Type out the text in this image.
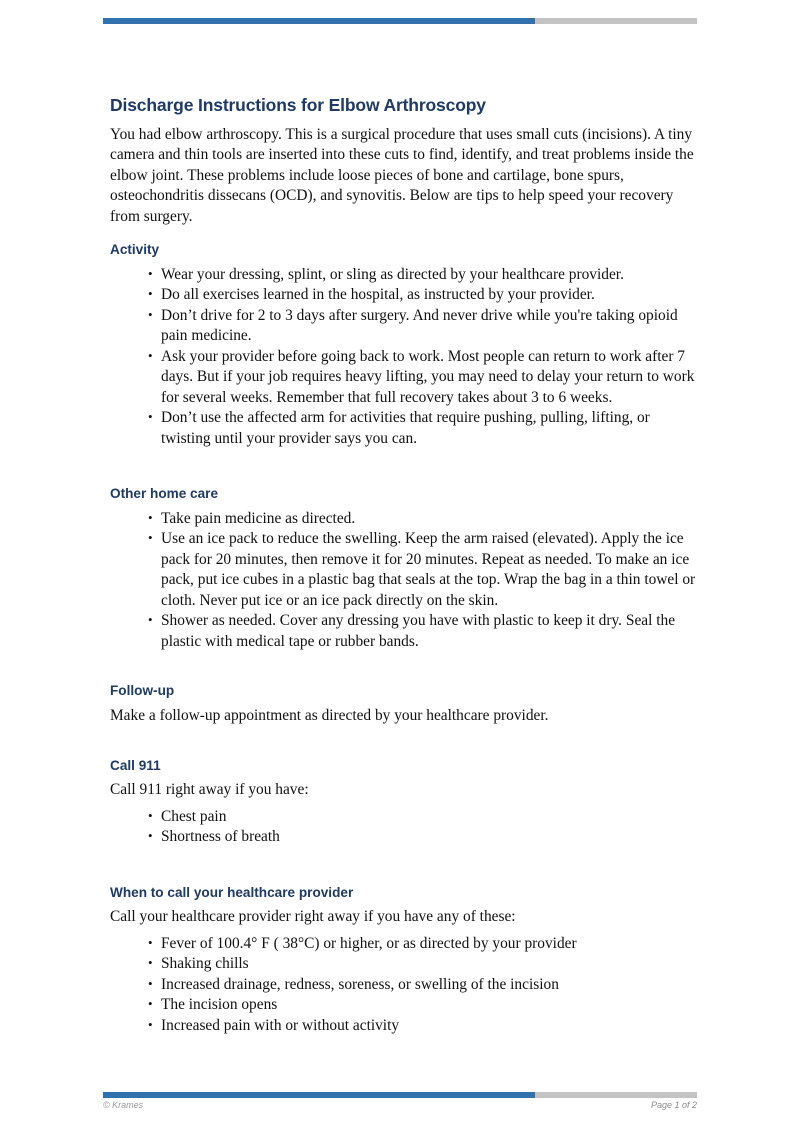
Discharge Instructions for Elbow Arthroscopy

You had elbow arthroscopy. This is a surgical procedure that uses small cuts (incisions). A tiny camera and thin tools are inserted into these cuts to find, identify, and treat problems inside the elbow joint. These problems include loose pieces of bone and cartilage, bone spurs, osteochondritis dissecans (OCD), and synovitis. Below are tips to help speed your recovery from surgery.

Activity
• Wear your dressing, splint, or sling as directed by your healthcare provider.
• Do all exercises learned in the hospital, as instructed by your provider.
• Don’t drive for 2 to 3 days after surgery. And never drive while you're taking opioid pain medicine.
• Ask your provider before going back to work. Most people can return to work after 7 days. But if your job requires heavy lifting, you may need to delay your return to work for several weeks. Remember that full recovery takes about 3 to 6 weeks.
• Don’t use the affected arm for activities that require pushing, pulling, lifting, or twisting until your provider says you can.
Other home care
• Take pain medicine as directed.
• Use an ice pack to reduce the swelling. Keep the arm raised (elevated). Apply the ice pack for 20 minutes, then remove it for 20 minutes. Repeat as needed. To make an ice pack, put ice cubes in a plastic bag that seals at the top. Wrap the bag in a thin towel or cloth. Never put ice or an ice pack directly on the skin.
• Shower as needed. Cover any dressing you have with plastic to keep it dry. Seal the plastic with medical tape or rubber bands.
Follow-up

Make a follow-up appointment as directed by your healthcare provider.

Call 911

Call 911 right away if you have:

• Chest pain
• Shortness of breath
When to call your healthcare provider

Call your healthcare provider right away if you have any of these:

• Fever of 100.4° F ( 38°C) or higher, or as directed by your provider
• Shaking chills
• Increased drainage, redness, soreness, or swelling of the incision
• The incision opens
• Increased pain with or without activity
© Krames	Page 1 of 2
